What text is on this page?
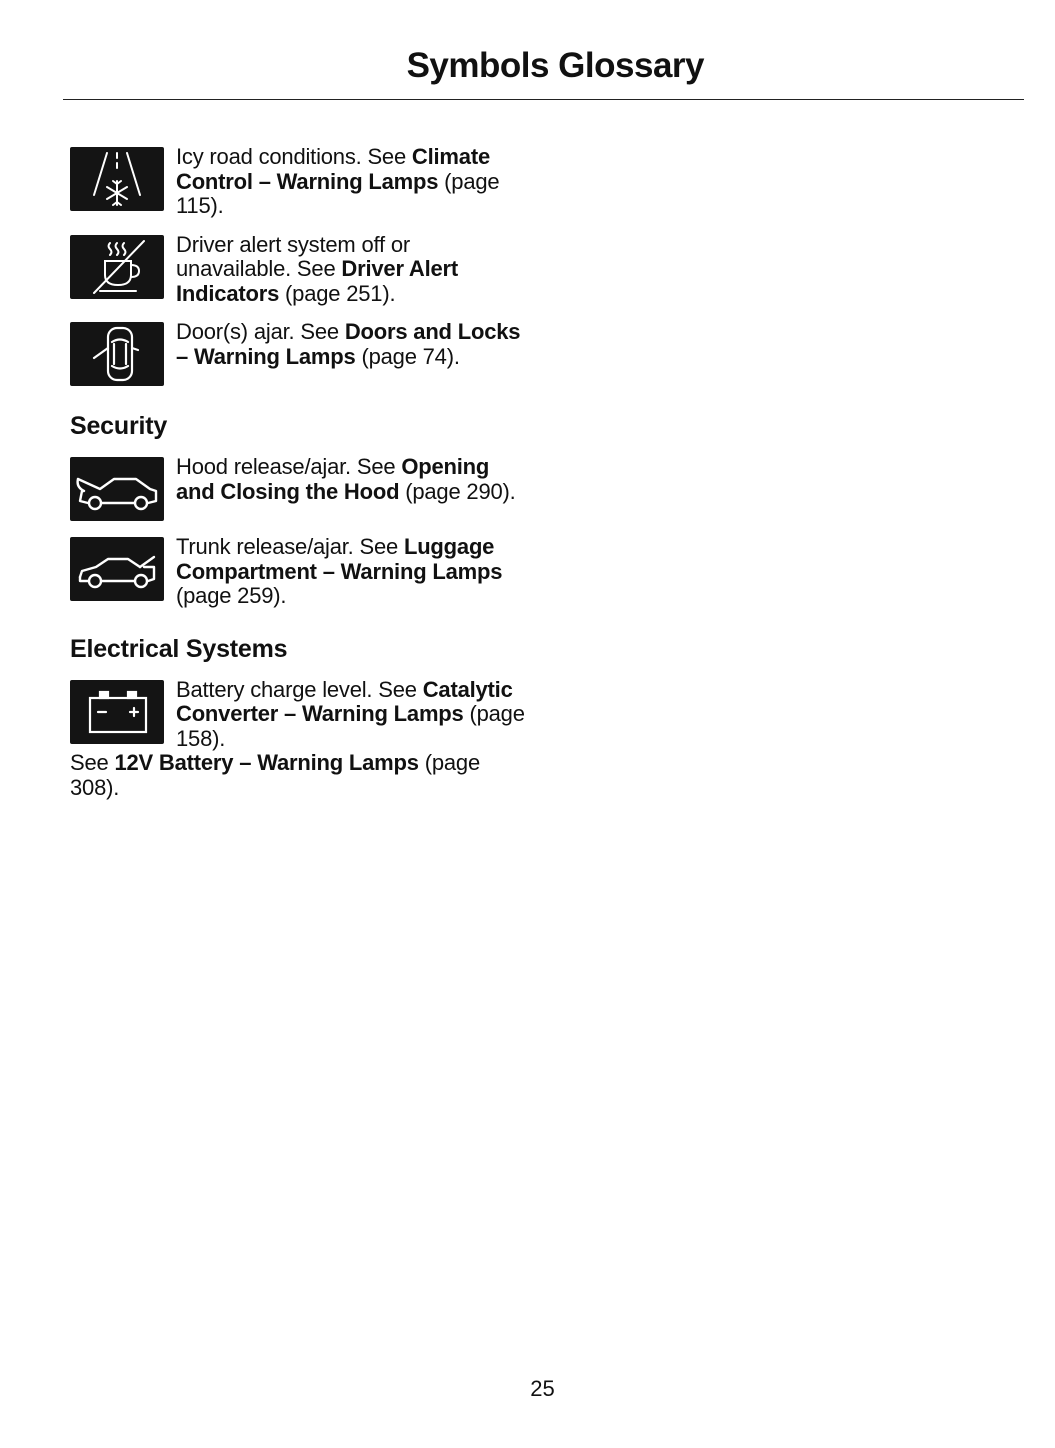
Symbols Glossary

Icy road conditions. See Climate Control – Warning Lamps (page 115).

Driver alert system off or unavailable. See Driver Alert Indicators (page 251).

Door(s) ajar. See Doors and Locks – Warning Lamps (page 74).

Security

Hood release/ajar. See Opening and Closing the Hood (page 290).

Trunk release/ajar. See Luggage Compartment – Warning Lamps (page 259).

Electrical Systems

Battery charge level. See Catalytic Converter – Warning Lamps (page 158).

See 12V Battery – Warning Lamps (page 308).

25
